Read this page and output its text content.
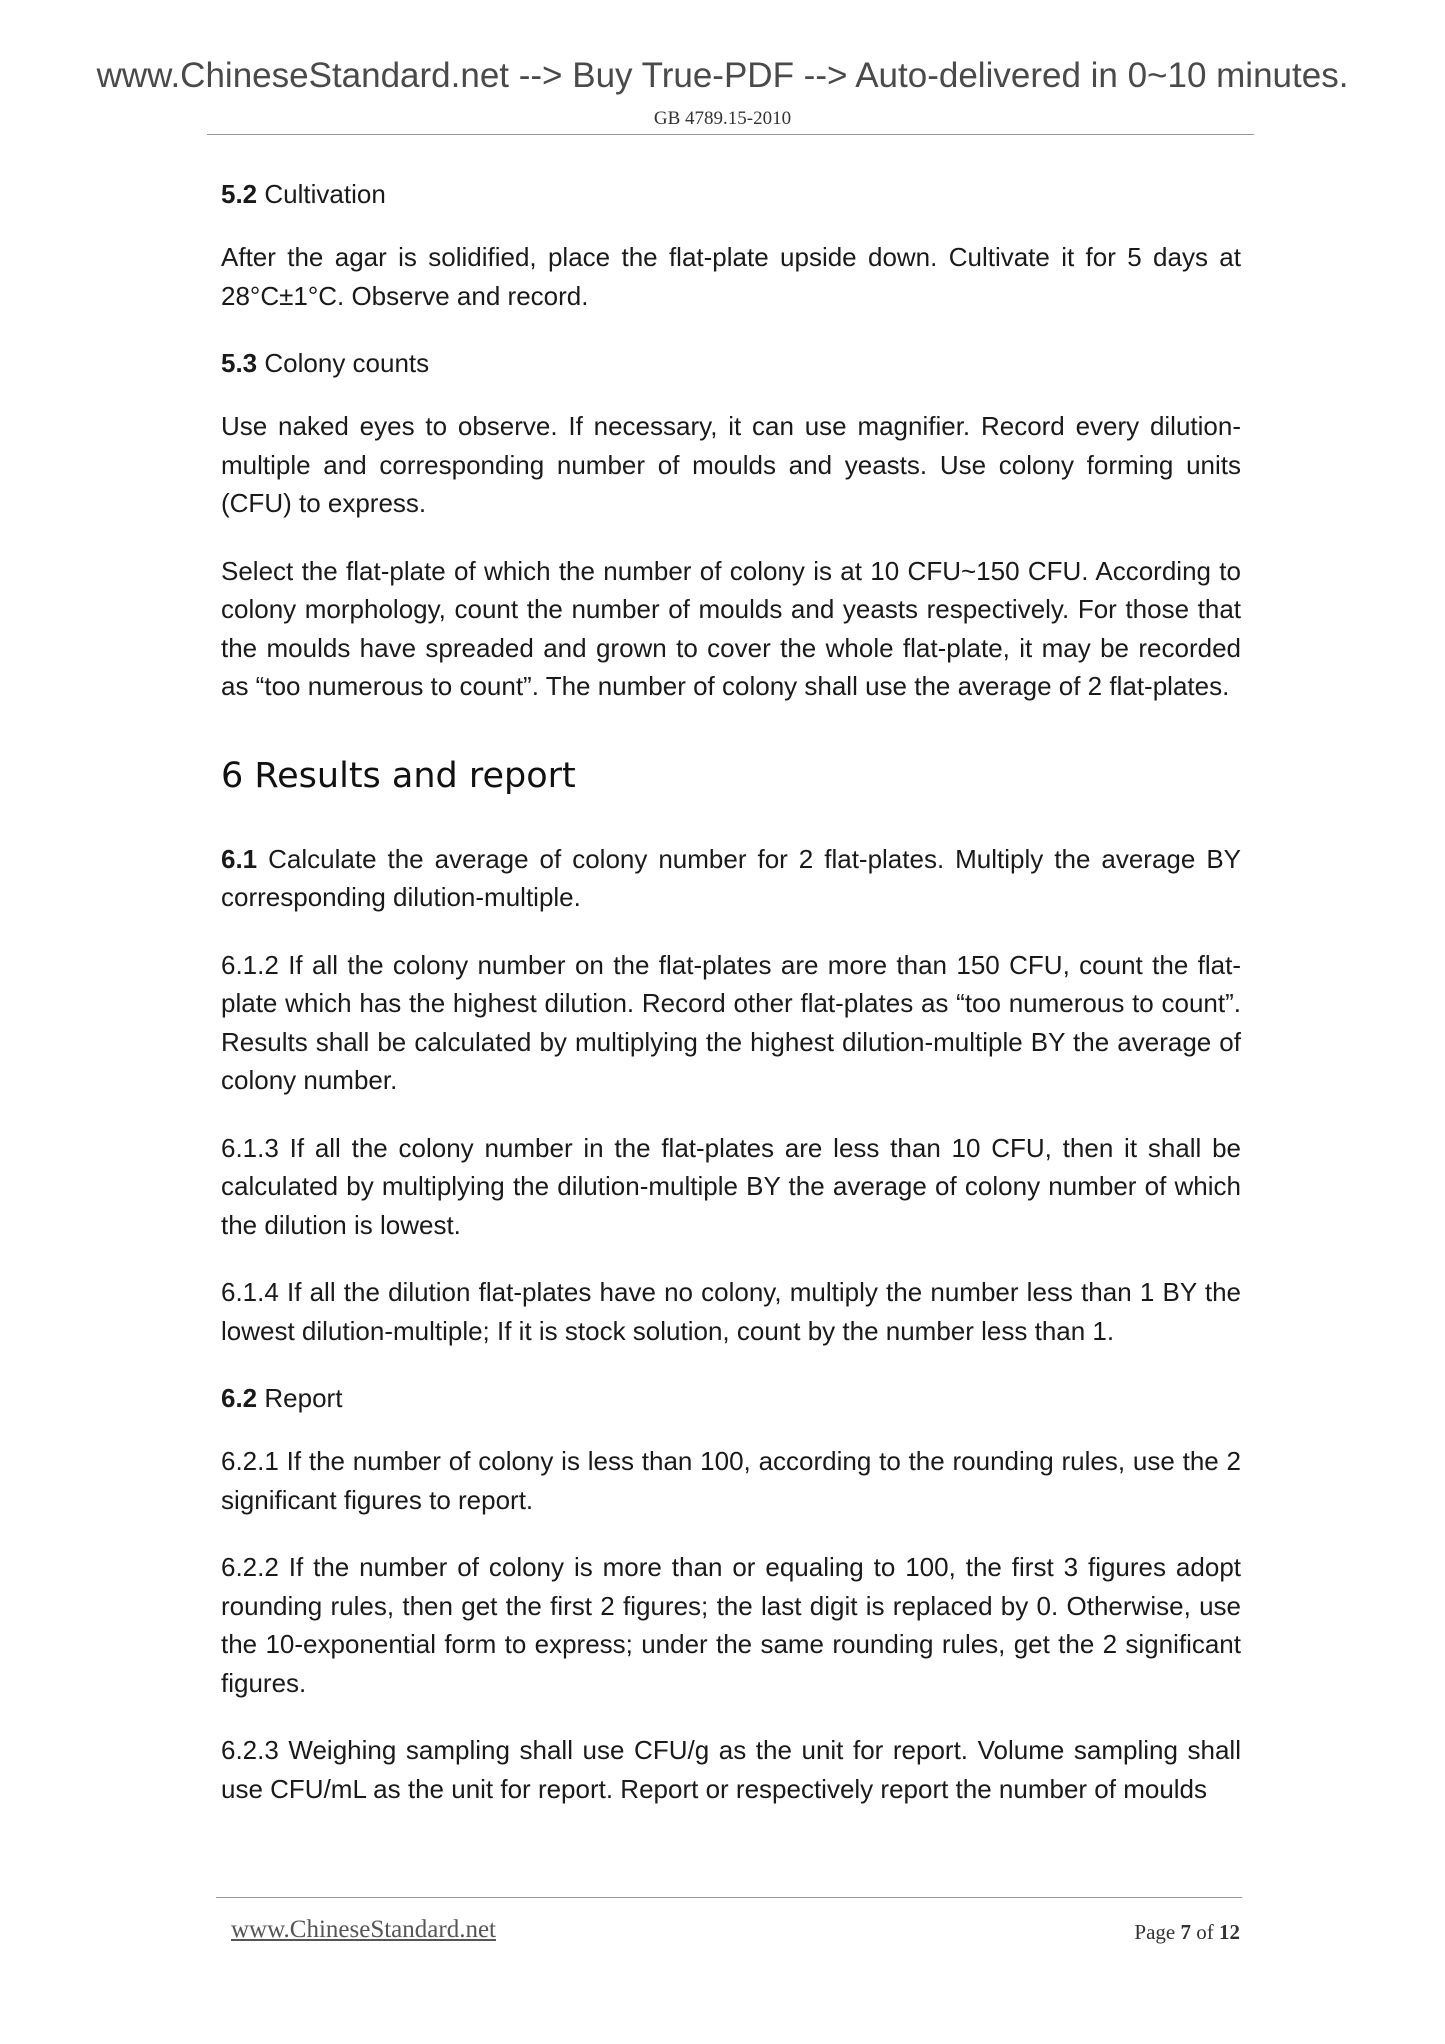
www.ChineseStandard.net --> Buy True-PDF --> Auto-delivered in 0~10 minutes.
GB 4789.15-2010
5.2 Cultivation
After the agar is solidified, place the flat-plate upside down. Cultivate it for 5 days at 28°C±1°C. Observe and record.
5.3 Colony counts
Use naked eyes to observe. If necessary, it can use magnifier. Record every dilution-multiple and corresponding number of moulds and yeasts. Use colony forming units (CFU) to express.
Select the flat-plate of which the number of colony is at 10 CFU~150 CFU. According to colony morphology, count the number of moulds and yeasts respectively. For those that the moulds have spreaded and grown to cover the whole flat-plate, it may be recorded as “too numerous to count”. The number of colony shall use the average of 2 flat-plates.
6 Results and report
6.1 Calculate the average of colony number for 2 flat-plates. Multiply the average BY corresponding dilution-multiple.
6.1.2 If all the colony number on the flat-plates are more than 150 CFU, count the flat-plate which has the highest dilution. Record other flat-plates as “too numerous to count”. Results shall be calculated by multiplying the highest dilution-multiple BY the average of colony number.
6.1.3 If all the colony number in the flat-plates are less than 10 CFU, then it shall be calculated by multiplying the dilution-multiple BY the average of colony number of which the dilution is lowest.
6.1.4 If all the dilution flat-plates have no colony, multiply the number less than 1 BY the lowest dilution-multiple; If it is stock solution, count by the number less than 1.
6.2 Report
6.2.1 If the number of colony is less than 100, according to the rounding rules, use the 2 significant figures to report.
6.2.2 If the number of colony is more than or equaling to 100, the first 3 figures adopt rounding rules, then get the first 2 figures; the last digit is replaced by 0. Otherwise, use the 10-exponential form to express; under the same rounding rules, get the 2 significant figures.
6.2.3 Weighing sampling shall use CFU/g as the unit for report. Volume sampling shall use CFU/mL as the unit for report. Report or respectively report the number of moulds
www.ChineseStandard.net	Page 7 of 12
